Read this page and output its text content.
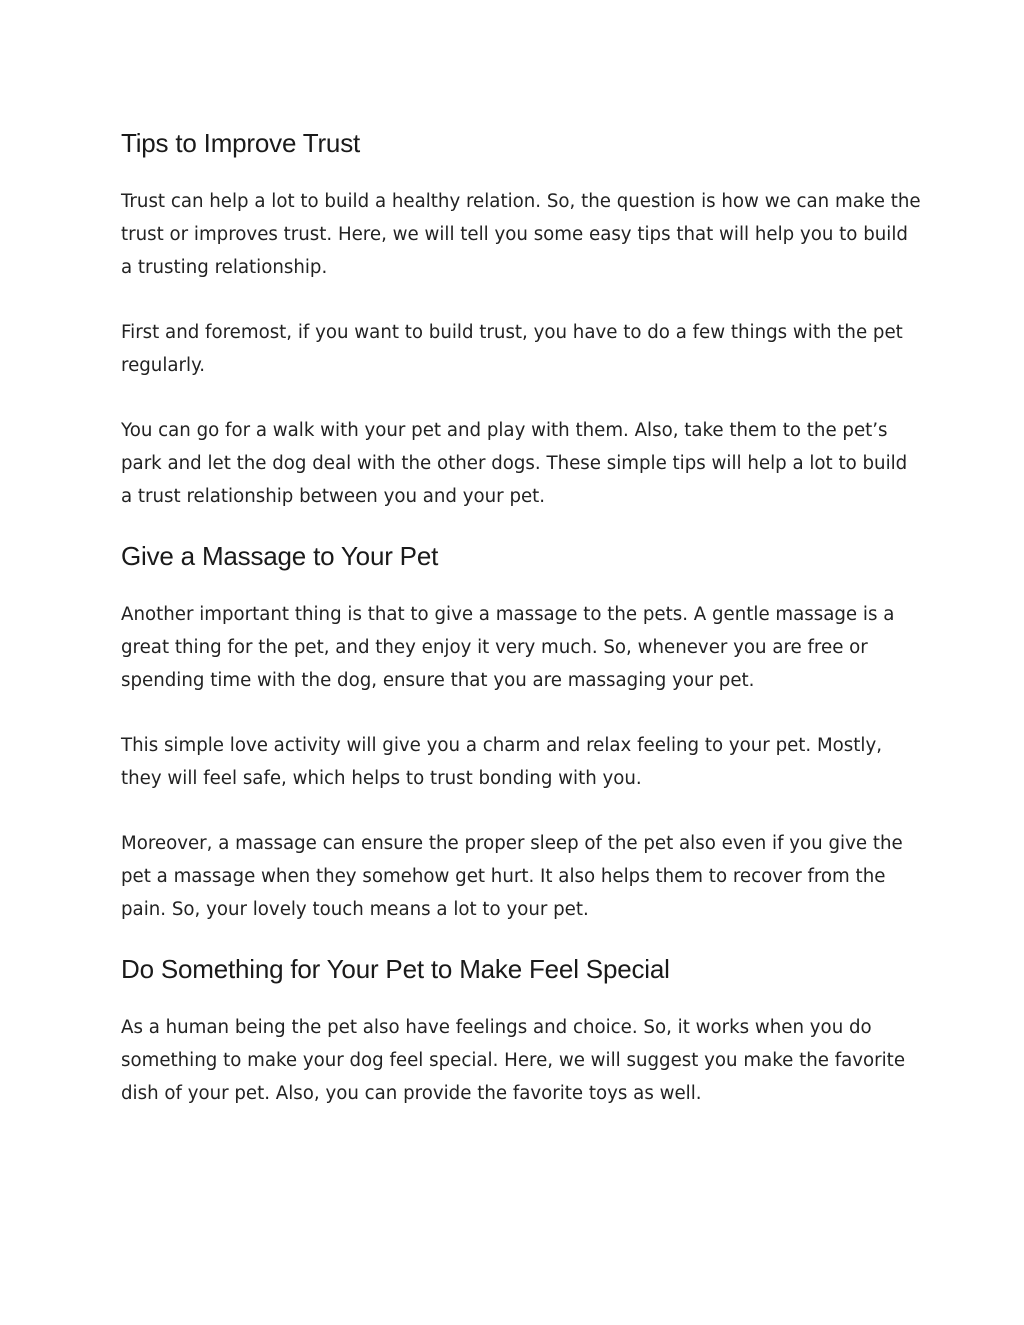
Tips to Improve Trust

Trust can help a lot to build a healthy relation. So, the question is how we can make the trust or improves trust. Here, we will tell you some easy tips that will help you to build a trusting relationship.

First and foremost, if you want to build trust, you have to do a few things with the pet regularly.

You can go for a walk with your pet and play with them. Also, take them to the pet’s park and let the dog deal with the other dogs. These simple tips will help a lot to build a trust relationship between you and your pet.

Give a Massage to Your Pet

Another important thing is that to give a massage to the pets. A gentle massage is a great thing for the pet, and they enjoy it very much. So, whenever you are free or spending time with the dog, ensure that you are massaging your pet.

This simple love activity will give you a charm and relax feeling to your pet. Mostly, they will feel safe, which helps to trust bonding with you.

Moreover, a massage can ensure the proper sleep of the pet also even if you give the pet a massage when they somehow get hurt. It also helps them to recover from the pain. So, your lovely touch means a lot to your pet.

Do Something for Your Pet to Make Feel Special

As a human being the pet also have feelings and choice. So, it works when you do something to make your dog feel special. Here, we will suggest you make the favorite dish of your pet. Also, you can provide the favorite toys as well.
